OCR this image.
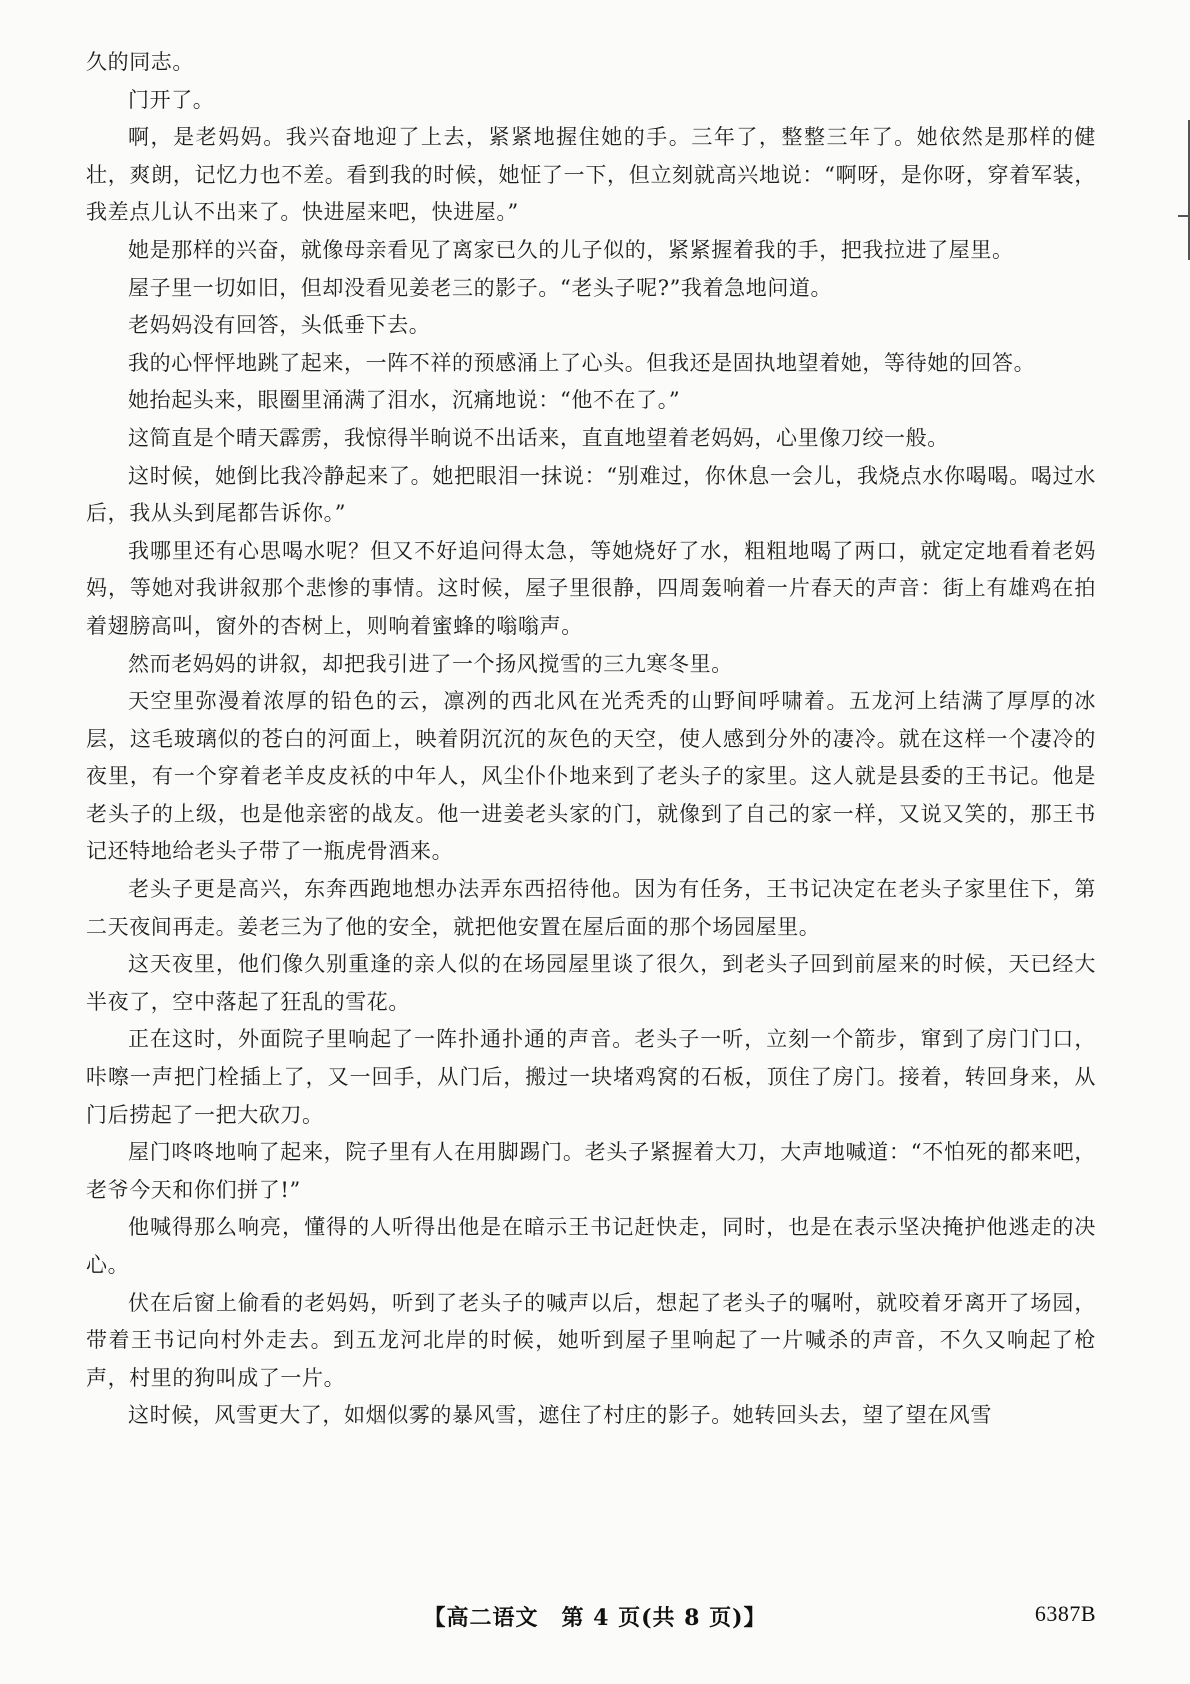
久的同志。

门开了。

啊，是老妈妈。我兴奋地迎了上去，紧紧地握住她的手。三年了，整整三年了。她依然是那样的健壮，爽朗，记忆力也不差。看到我的时候，她怔了一下，但立刻就高兴地说：“啊呀，是你呀，穿着军装，我差点儿认不出来了。快进屋来吧，快进屋。”

她是那样的兴奋，就像母亲看见了离家已久的儿子似的，紧紧握着我的手，把我拉进了屋里。

屋子里一切如旧，但却没看见姜老三的影子。“老头子呢?”我着急地问道。

老妈妈没有回答，头低垂下去。

我的心怦怦地跳了起来，一阵不祥的预感涌上了心头。但我还是固执地望着她，等待她的回答。

她抬起头来，眼圈里涌满了泪水，沉痛地说：“他不在了。”

这简直是个晴天霹雳，我惊得半晌说不出话来，直直地望着老妈妈，心里像刀绞一般。

这时候，她倒比我冷静起来了。她把眼泪一抹说：“别难过，你休息一会儿，我烧点水你喝喝。喝过水后，我从头到尾都告诉你。”

我哪里还有心思喝水呢？但又不好追问得太急，等她烧好了水，粗粗地喝了两口，就定定地看着老妈妈，等她对我讲叙那个悲惨的事情。这时候，屋子里很静，四周轰响着一片春天的声音：街上有雄鸡在拍着翅膀高叫，窗外的杏树上，则响着蜜蜂的嗡嗡声。

然而老妈妈的讲叙，却把我引进了一个扬风搅雪的三九寒冬里。

天空里弥漫着浓厚的铅色的云，凛冽的西北风在光秃秃的山野间呼啸着。五龙河上结满了厚厚的冰层，这毛玻璃似的苍白的河面上，映着阴沉沉的灰色的天空，使人感到分外的凄冷。就在这样一个凄冷的夜里，有一个穿着老羊皮皮袄的中年人，风尘仆仆地来到了老头子的家里。这人就是县委的王书记。他是老头子的上级，也是他亲密的战友。他一进姜老头家的门，就像到了自己的家一样，又说又笑的，那王书记还特地给老头子带了一瓶虎骨酒来。

老头子更是高兴，东奔西跑地想办法弄东西招待他。因为有任务，王书记决定在老头子家里住下，第二天夜间再走。姜老三为了他的安全，就把他安置在屋后面的那个场园屋里。

这天夜里，他们像久别重逢的亲人似的在场园屋里谈了很久，到老头子回到前屋来的时候，天已经大半夜了，空中落起了狂乱的雪花。

正在这时，外面院子里响起了一阵扑通扑通的声音。老头子一听，立刻一个箭步，窜到了房门门口，咔嚓一声把门栓插上了，又一回手，从门后，搬过一块堵鸡窝的石板，顶住了房门。接着，转回身来，从门后捞起了一把大砍刀。

屋门咚咚地响了起来，院子里有人在用脚踢门。老头子紧握着大刀，大声地喊道：“不怕死的都来吧，老爷今天和你们拼了!”

他喊得那么响亮，懂得的人听得出他是在暗示王书记赶快走，同时，也是在表示坚决掩护他逃走的决心。

伏在后窗上偷看的老妈妈，听到了老头子的喊声以后，想起了老头子的嘱咐，就咬着牙离开了场园，带着王书记向村外走去。到五龙河北岸的时候，她听到屋子里响起了一片喊杀的声音，不久又响起了枪声，村里的狗叫成了一片。

这时候，风雪更大了，如烟似雾的暴风雪，遮住了村庄的影子。她转回头去，望了望在风雪

【高二语文　第 4 页(共 8 页)】	6387B
